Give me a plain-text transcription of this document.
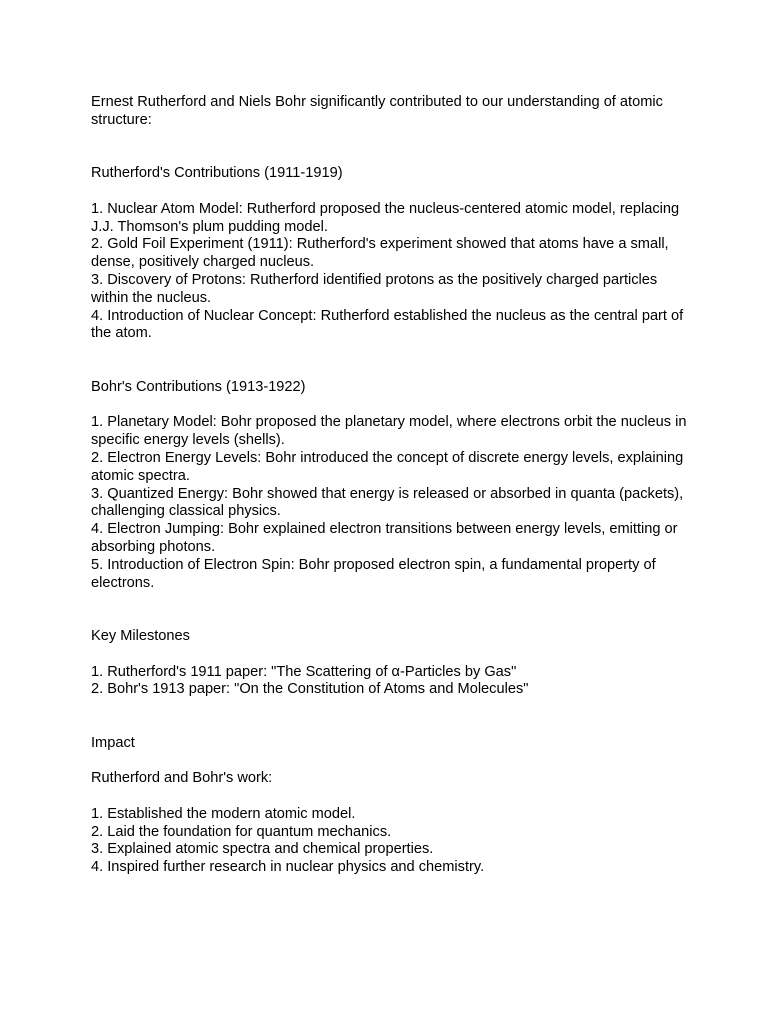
Ernest Rutherford and Niels Bohr significantly contributed to our understanding of atomic structure:

Rutherford's Contributions (1911-1919)

1. Nuclear Atom Model: Rutherford proposed the nucleus-centered atomic model, replacing J.J. Thomson's plum pudding model.
2. Gold Foil Experiment (1911): Rutherford's experiment showed that atoms have a small, dense, positively charged nucleus.
3. Discovery of Protons: Rutherford identified protons as the positively charged particles within the nucleus.
4. Introduction of Nuclear Concept: Rutherford established the nucleus as the central part of the atom.

Bohr's Contributions (1913-1922)

1. Planetary Model: Bohr proposed the planetary model, where electrons orbit the nucleus in specific energy levels (shells).
2. Electron Energy Levels: Bohr introduced the concept of discrete energy levels, explaining atomic spectra.
3. Quantized Energy: Bohr showed that energy is released or absorbed in quanta (packets), challenging classical physics.
4. Electron Jumping: Bohr explained electron transitions between energy levels, emitting or absorbing photons.
5. Introduction of Electron Spin: Bohr proposed electron spin, a fundamental property of electrons.

Key Milestones

1. Rutherford's 1911 paper: "The Scattering of α-Particles by Gas"
2. Bohr's 1913 paper: "On the Constitution of Atoms and Molecules"

Impact

Rutherford and Bohr's work:

1. Established the modern atomic model.
2. Laid the foundation for quantum mechanics.
3. Explained atomic spectra and chemical properties.
4. Inspired further research in nuclear physics and chemistry.
